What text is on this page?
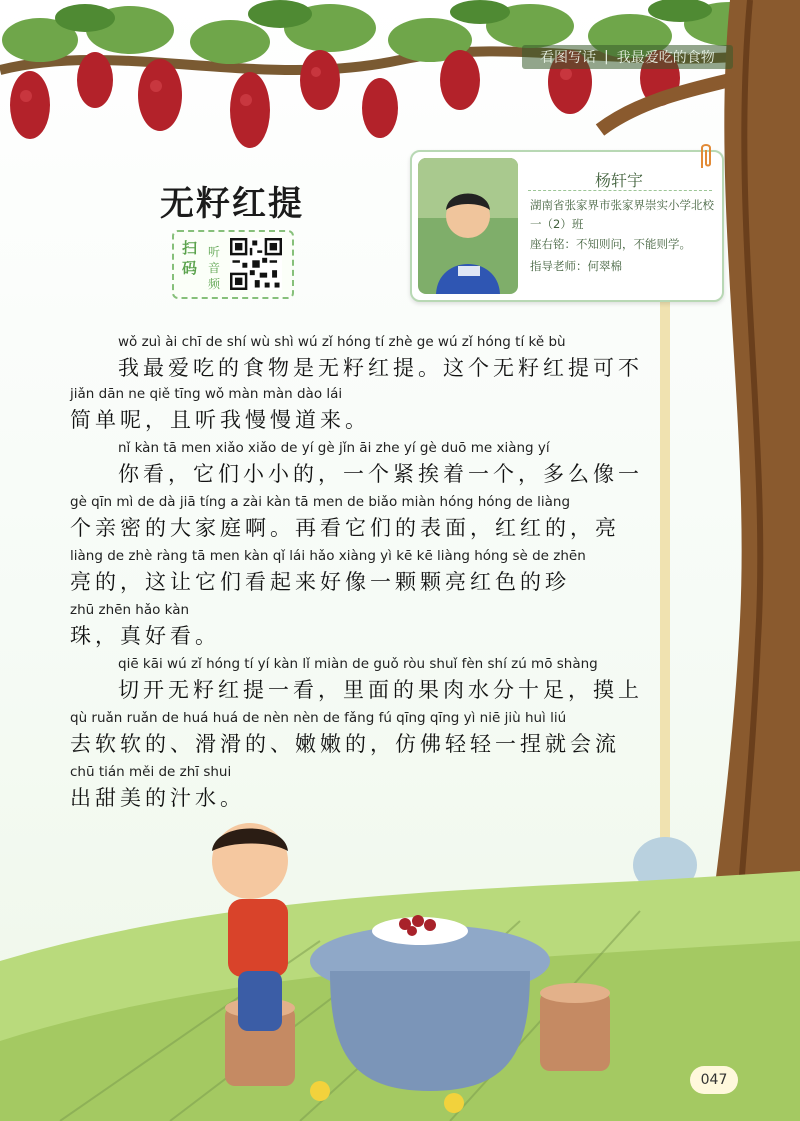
看图写话 | 我最爱吃的食物
无籽红提
扫码
听音频
杨轩宇
湖南省张家界市张家界崇实小学北校一（2）班
座右铭：不知则问，不能则学。
指导老师：何翠棉
wǒ zuì ài chī de shí wù shì wú zǐ hóng tí zhè ge wú zǐ hóng tí kě bù
我最爱吃的食物是无籽红提。这个无籽红提可不
jiǎn dān ne qiě tīng wǒ màn màn dào lái
简单呢，且听我慢慢道来。
nǐ kàn tā men xiǎo xiǎo de yí gè jǐn āi zhe yí gè duō me xiàng yí
你看，它们小小的，一个紧挨着一个，多么像一
gè qīn mì de dà jiā tíng a zài kàn tā men de biǎo miàn hóng hóng de liàng
个亲密的大家庭啊。再看它们的表面，红红的，亮
liàng de zhè ràng tā men kàn qǐ lái hǎo xiàng yì kē kē liàng hóng sè de zhēn
亮的，这让它们看起来好像一颗颗亮红色的珍
zhū zhēn hǎo kàn
珠，真好看。
qiē kāi wú zǐ hóng tí yí kàn lǐ miàn de guǒ ròu shuǐ fèn shí zú mō shàng
切开无籽红提一看，里面的果肉水分十足，摸上
qù ruǎn ruǎn de huá huá de nèn nèn de fǎng fú qīng qīng yì niē jiù huì liú
去软软的、滑滑的、嫩嫩的，仿佛轻轻一捏就会流
chū tián měi de zhī shui
出甜美的汁水。
047
